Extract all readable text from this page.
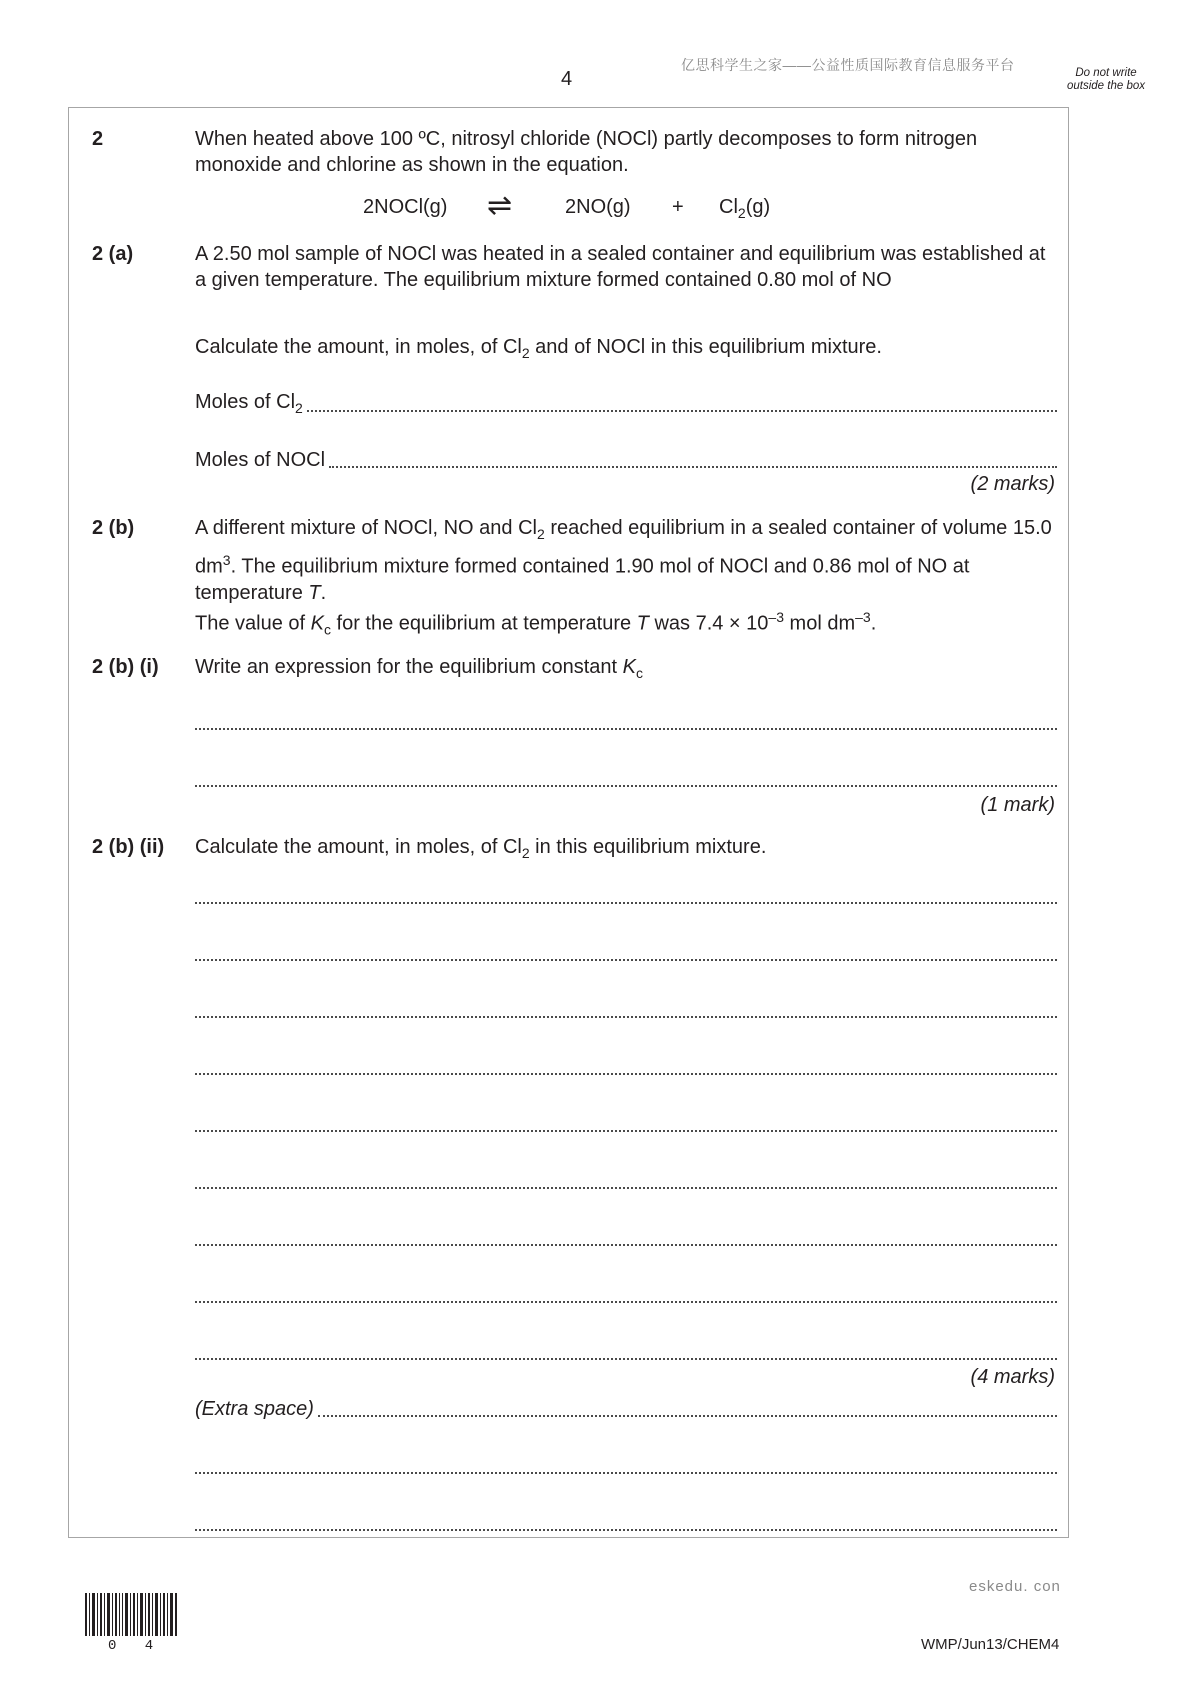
亿思科学生之家——公益性质国际教育信息服务平台
4	Do not write outside the box
2	When heated above 100 ºC, nitrosyl chloride (NOCl) partly decomposes to form nitrogen monoxide and chlorine as shown in the equation.
2NOCl(g) ⇌	$2NO(g) + Cl_2(g)$
2 (a)	A 2.50 mol sample of NOCl was heated in a sealed container and equilibrium was established at a given temperature. The equilibrium mixture formed contained 0.80 mol of NO
Calculate the amount, in moles, of $Cl_2$ and of NOCl in this equilibrium mixture.
Moles of $Cl_2$
Moles of NOCl
(2 marks)
2 (b)	A different mixture of NOCl, NO and $Cl_2$ reached equilibrium in a sealed container of volume 15.0 $dm^3$. The equilibrium mixture formed contained 1.90 mol of NOCl and 0.86 mol of NO at temperature T.
The value of $K_c$ for the equilibrium at temperature T was $7.4 \times 10^{-3}$ mol $dm^{-3}$.
2 (b) (i) Write an expression for the equilibrium constant $K_c$
(1 mark)
2 (b) (ii) Calculate the amount, in moles, of $Cl_2$ in this equilibrium mixture.
(4 marks)
(Extra space)
eskedu. con
0 4	WMP/Jun13/CHEM4
